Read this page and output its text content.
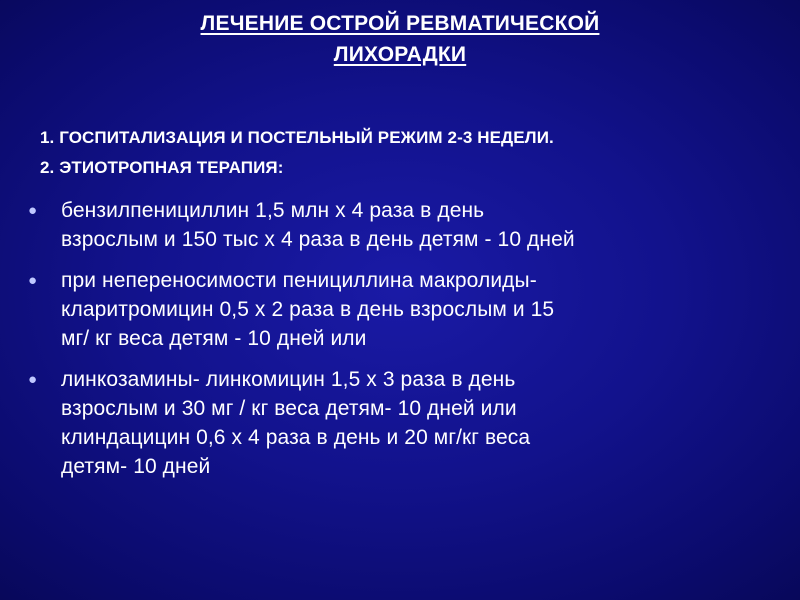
ЛЕЧЕНИЕ ОСТРОЙ РЕВМАТИЧЕСКОЙ
ЛИХОРАДКИ
1. ГОСПИТАЛИЗАЦИЯ И ПОСТЕЛЬНЫЙ РЕЖИМ 2-3 НЕДЕЛИ.
2. ЭТИОТРОПНАЯ ТЕРАПИЯ:
● бензилпенициллин 1,5 млн х 4 раза в день
взрослым и 150 тыс х 4 раза в день детям - 10 дней
● при непереносимости пенициллина макролиды-
кларитромицин 0,5 х 2 раза в день взрослым и 15
мг/ кг веса детям - 10 дней или
● линкозамины- линкомицин 1,5 х 3 раза в день
взрослым и 30 мг / кг веса детям- 10 дней или
клиндацицин 0,6 х 4 раза в день и 20 мг/кг веса
детям- 10 дней
